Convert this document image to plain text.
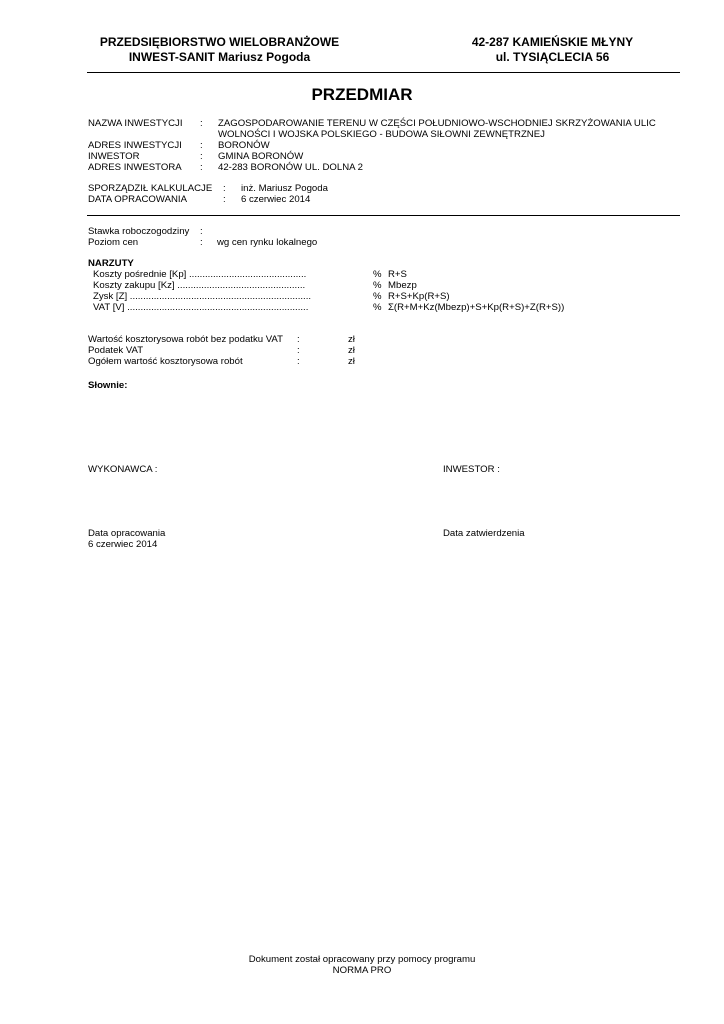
PRZEDSIĘBIORSTWO WIELOBRANŻOWE
INWEST-SANIT Mariusz Pogoda
42-287 KAMIEŃSKIE MŁYNY
ul. TYSIĄCLECIA 56
PRZEDMIAR
NAZWA INWESTYCJI : ZAGOSPODAROWANIE TERENU W CZĘŚCI POŁUDNIOWO-WSCHODNIEJ SKRZYŻOWANIA ULIC
WOLNOŚCI I WOJSKA POLSKIEGO - BUDOWA SIŁOWNI ZEWNĘTRZNEJ
ADRES INWESTYCJI : BORONÓW
INWESTOR	: GMINA BORONÓW
ADRES INWESTORA : 42-283 BORONÓW UL. DOLNA 2
SPORZĄDZIŁ KALKULACJE : inż. Mariusz Pogoda
DATA OPRACOWANIA	: 6 czerwiec 2014
Stawka roboczogodziny :
Poziom cen	: wg cen rynku lokalnego
NARZUTY
Koszty pośrednie [Kp] ............................................	% R+S
Koszty zakupu [Kz] ................................................	% Mbezp
Zysk [Z] ....................................................................	% R+S+Kp(R+S)
VAT [V] ....................................................................	% Σ(R+M+Kz(Mbezp)+S+Kp(R+S)+Z(R+S))
Wartość kosztorysowa robót bez podatku VAT :	zł
Podatek VAT	:	zł
Ogółem wartość kosztorysowa robót	:	zł
Słownie:
WYKONAWCA :	INWESTOR :
Data opracowania
6 czerwiec 2014
Data zatwierdzenia
Dokument został opracowany przy pomocy programu
NORMA PRO
